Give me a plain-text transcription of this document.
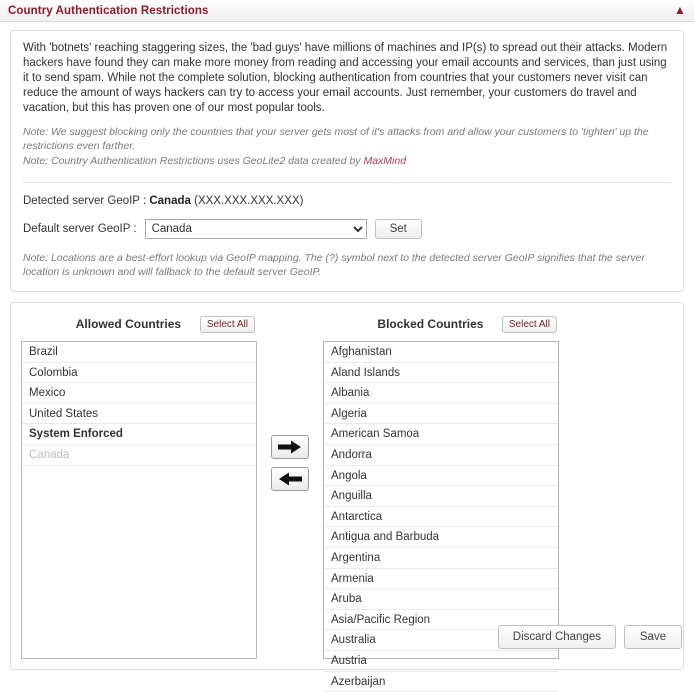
Country Authentication Restrictions	▲
With 'botnets' reaching staggering sizes, the 'bad guys' have millions of machines and IP(s) to spread out their attacks. Modern hackers have found they can make more money from reading and accessing your email accounts and services, than just using it to send spam. While not the complete solution, blocking authentication from countries that your customers never visit can reduce the amount of ways hackers can try to access your email accounts. Just remember, your customers do travel and vacation, but this has proven one of our most popular tools.
Note: We suggest blocking only the countries that your server gets most of it's attacks from and allow your customers to 'tighten' up the restrictions even farther.
Note: Country Authentication Restrictions uses GeoLite2 data created by MaxMind
Detected server GeoIP : Canada (XXX.XXX.XXX.XXX)
Default server GeoIP :
Canada	Set
Note: Locations are a best-effort lookup via GeoIP mapping. The (?) symbol next to the detected server GeoIP signifies that the server location is unknown and will fallback to the default server GeoIP.
Allowed Countries	Select All
Brazil
Colombia
Mexico
United States
System Enforced
Canada
Blocked Countries	Select All
Afghanistan
Aland Islands
Albania
Algeria
American Samoa
Andorra
Angola
Anguilla
Antarctica
Antigua and Barbuda
Argentina
Armenia
Aruba
Asia/Pacific Region
Australia
Austria
Azerbaijan
Discard Changes	Save
